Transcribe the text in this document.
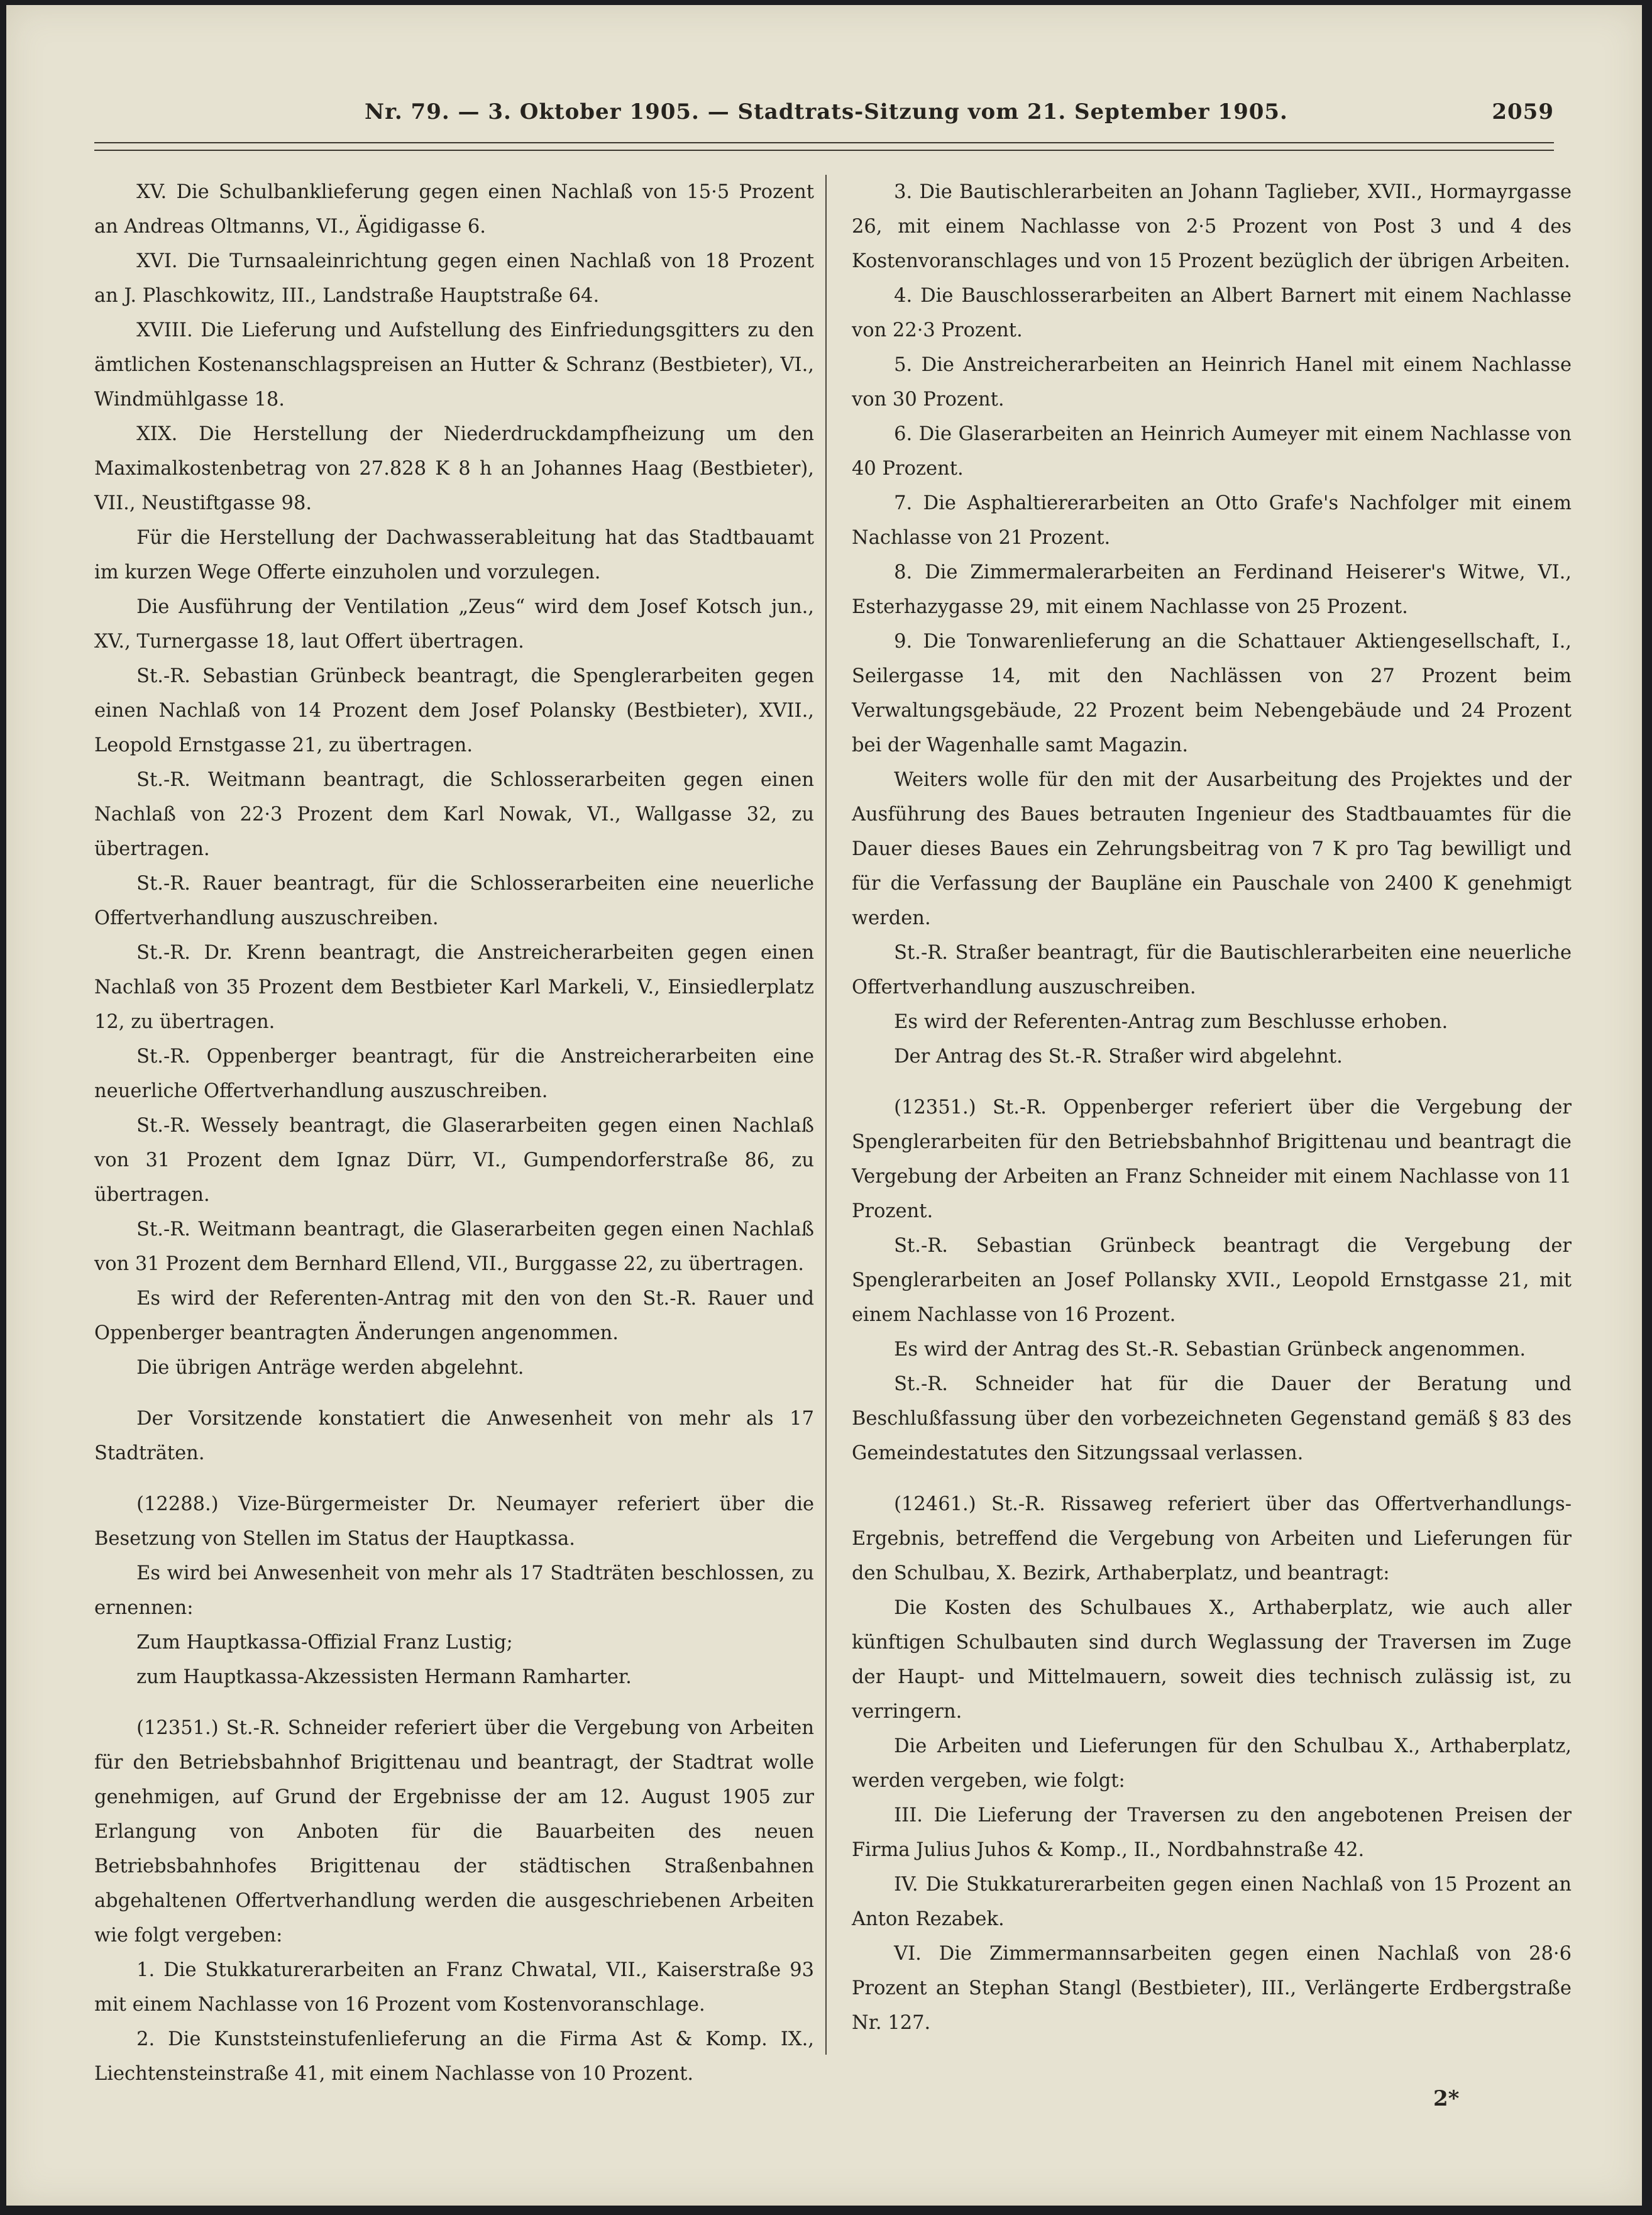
Nr. 79. — 3. Oktober 1905. — Stadtrats-Sitzung vom 21. September 1905.	2059

XV. Die Schulbanklieferung gegen einen Nachlaß von 15·5 Prozent an Andreas Oltmanns, VI., Ägidigasse 6.

XVI. Die Turnsaaleinrichtung gegen einen Nachlaß von 18 Prozent an J. Plaschkowitz, III., Landstraße Hauptstraße 64.

XVIII. Die Lieferung und Aufstellung des Einfriedungsgitters zu den ämtlichen Kostenanschlagspreisen an Hutter & Schranz (Bestbieter), VI., Windmühlgasse 18.

XIX. Die Herstellung der Niederdruckdampfheizung um den Maximalkostenbetrag von 27.828 K 8 h an Johannes Haag (Bestbieter), VII., Neustiftgasse 98.

Für die Herstellung der Dachwasserableitung hat das Stadtbauamt im kurzen Wege Offerte einzuholen und vorzulegen.

Die Ausführung der Ventilation „Zeus“ wird dem Josef Kotsch jun., XV., Turnergasse 18, laut Offert übertragen.

St.-R. Sebastian Grünbeck beantragt, die Spenglerarbeiten gegen einen Nachlaß von 14 Prozent dem Josef Polansky (Bestbieter), XVII., Leopold Ernstgasse 21, zu übertragen.

St.-R. Weitmann beantragt, die Schlosserarbeiten gegen einen Nachlaß von 22·3 Prozent dem Karl Nowak, VI., Wallgasse 32, zu übertragen.

St.-R. Rauer beantragt, für die Schlosserarbeiten eine neuerliche Offertverhandlung auszuschreiben.

St.-R. Dr. Krenn beantragt, die Anstreicherarbeiten gegen einen Nachlaß von 35 Prozent dem Bestbieter Karl Markeli, V., Einsiedlerplatz 12, zu übertragen.

St.-R. Oppenberger beantragt, für die Anstreicherarbeiten eine neuerliche Offertverhandlung auszuschreiben.

St.-R. Wessely beantragt, die Glaserarbeiten gegen einen Nachlaß von 31 Prozent dem Ignaz Dürr, VI., Gumpendorferstraße 86, zu übertragen.

St.-R. Weitmann beantragt, die Glaserarbeiten gegen einen Nachlaß von 31 Prozent dem Bernhard Ellend, VII., Burggasse 22, zu übertragen.

Es wird der Referenten-Antrag mit den von den St.-R. Rauer und Oppenberger beantragten Änderungen angenommen.

Die übrigen Anträge werden abgelehnt.

Der Vorsitzende konstatiert die Anwesenheit von mehr als 17 Stadträten.

(12288.) Vize-Bürgermeister Dr. Neumayer referiert über die Besetzung von Stellen im Status der Hauptkassa.

Es wird bei Anwesenheit von mehr als 17 Stadträten beschlossen, zu ernennen:

Zum Hauptkassa-Offizial Franz Lustig;

zum Hauptkassa-Akzessisten Hermann Ramharter.

(12351.) St.-R. Schneider referiert über die Vergebung von Arbeiten für den Betriebsbahnhof Brigittenau und beantragt, der Stadtrat wolle genehmigen, auf Grund der Ergebnisse der am 12. August 1905 zur Erlangung von Anboten für die Bauarbeiten des neuen Betriebsbahnhofes Brigittenau der städtischen Straßenbahnen abgehaltenen Offertverhandlung werden die ausgeschriebenen Arbeiten wie folgt vergeben:

1. Die Stukkaturerarbeiten an Franz Chwatal, VII., Kaiserstraße 93 mit einem Nachlasse von 16 Prozent vom Kostenvoranschlage.

2. Die Kunststeinstufenlieferung an die Firma Ast & Komp. IX., Liechtensteinstraße 41, mit einem Nachlasse von 10 Prozent.

3. Die Bautischlerarbeiten an Johann Taglieber, XVII., Hormayrgasse 26, mit einem Nachlasse von 2·5 Prozent von Post 3 und 4 des Kostenvoranschlages und von 15 Prozent bezüglich der übrigen Arbeiten.

4. Die Bauschlosserarbeiten an Albert Barnert mit einem Nachlasse von 22·3 Prozent.

5. Die Anstreicherarbeiten an Heinrich Hanel mit einem Nachlasse von 30 Prozent.

6. Die Glaserarbeiten an Heinrich Aumeyer mit einem Nachlasse von 40 Prozent.

7. Die Asphaltiererarbeiten an Otto Grafe's Nachfolger mit einem Nachlasse von 21 Prozent.

8. Die Zimmermalerarbeiten an Ferdinand Heiserer's Witwe, VI., Esterhazygasse 29, mit einem Nachlasse von 25 Prozent.

9. Die Tonwarenlieferung an die Schattauer Aktiengesellschaft, I., Seilergasse 14, mit den Nachlässen von 27 Prozent beim Verwaltungsgebäude, 22 Prozent beim Nebengebäude und 24 Prozent bei der Wagenhalle samt Magazin.

Weiters wolle für den mit der Ausarbeitung des Projektes und der Ausführung des Baues betrauten Ingenieur des Stadtbauamtes für die Dauer dieses Baues ein Zehrungsbeitrag von 7 K pro Tag bewilligt und für die Verfassung der Baupläne ein Pauschale von 2400 K genehmigt werden.

St.-R. Straßer beantragt, für die Bautischlerarbeiten eine neuerliche Offertverhandlung auszuschreiben.

Es wird der Referenten-Antrag zum Beschlusse erhoben.

Der Antrag des St.-R. Straßer wird abgelehnt.

(12351.) St.-R. Oppenberger referiert über die Vergebung der Spenglerarbeiten für den Betriebsbahnhof Brigittenau und beantragt die Vergebung der Arbeiten an Franz Schneider mit einem Nachlasse von 11 Prozent.

St.-R. Sebastian Grünbeck beantragt die Vergebung der Spenglerarbeiten an Josef Pollansky XVII., Leopold Ernstgasse 21, mit einem Nachlasse von 16 Prozent.

Es wird der Antrag des St.-R. Sebastian Grünbeck angenommen.

St.-R. Schneider hat für die Dauer der Beratung und Beschlußfassung über den vorbezeichneten Gegenstand gemäß § 83 des Gemeindestatutes den Sitzungssaal verlassen.

(12461.) St.-R. Rissaweg referiert über das Offertverhandlungs-Ergebnis, betreffend die Vergebung von Arbeiten und Lieferungen für den Schulbau, X. Bezirk, Arthaberplatz, und beantragt:

Die Kosten des Schulbaues X., Arthaberplatz, wie auch aller künftigen Schulbauten sind durch Weglassung der Traversen im Zuge der Haupt- und Mittelmauern, soweit dies technisch zulässig ist, zu verringern.

Die Arbeiten und Lieferungen für den Schulbau X., Arthaberplatz, werden vergeben, wie folgt:

III. Die Lieferung der Traversen zu den angebotenen Preisen der Firma Julius Juhos & Komp., II., Nordbahnstraße 42.

IV. Die Stukkaturerarbeiten gegen einen Nachlaß von 15 Prozent an Anton Rezabek.

VI. Die Zimmermannsarbeiten gegen einen Nachlaß von 28·6 Prozent an Stephan Stangl (Bestbieter), III., Verlängerte Erdbergstraße Nr. 127.

2*
